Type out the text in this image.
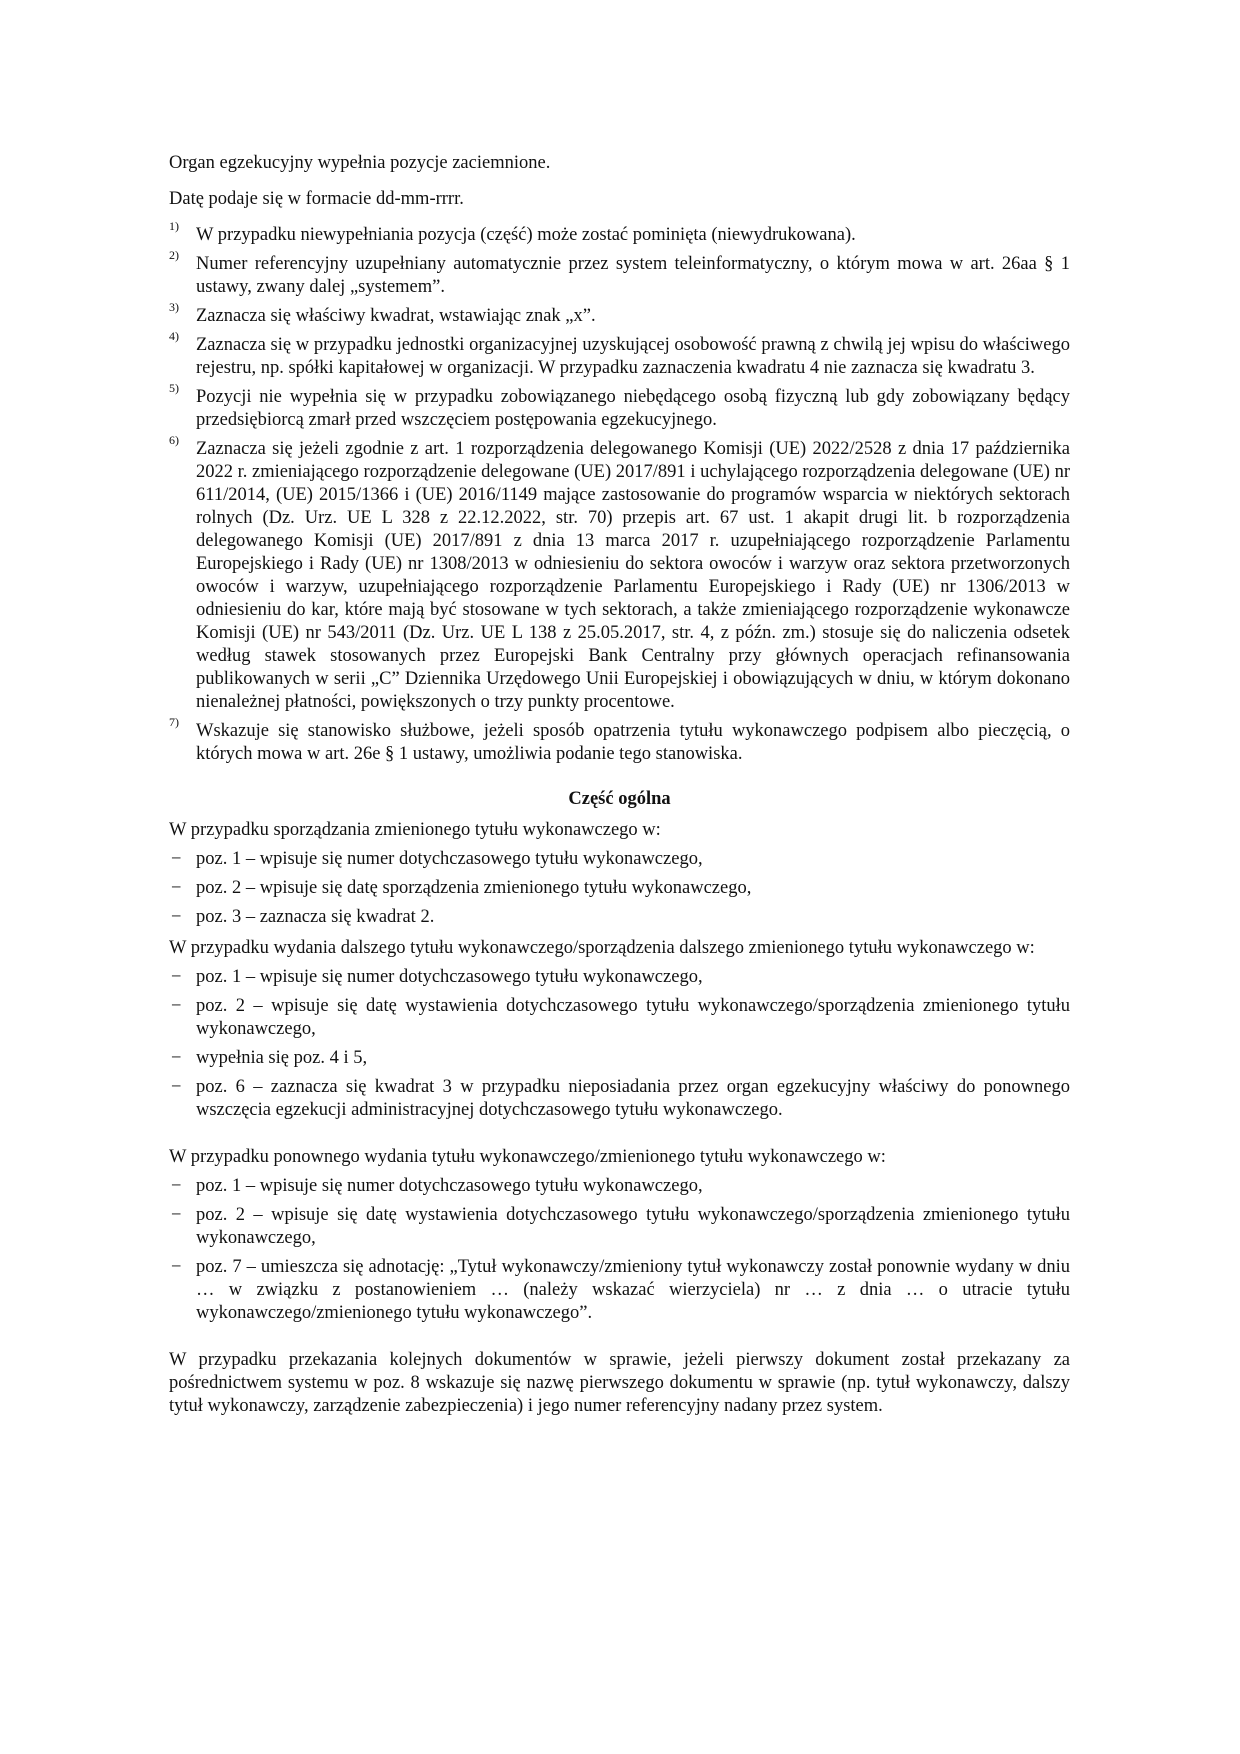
Organ egzekucyjny wypełnia pozycje zaciemnione.

Datę podaje się w formacie dd-mm-rrrr.

1) W przypadku niewypełniania pozycja (część) może zostać pominięta (niewydrukowana).
2) Numer referencyjny uzupełniany automatycznie przez system teleinformatyczny, o którym mowa w art. 26aa § 1 ustawy, zwany dalej „systemem”.
3) Zaznacza się właściwy kwadrat, wstawiając znak „x”.
4) Zaznacza się w przypadku jednostki organizacyjnej uzyskującej osobowość prawną z chwilą jej wpisu do właściwego rejestru, np. spółki kapitałowej w organizacji. W przypadku zaznaczenia kwadratu 4 nie zaznacza się kwadratu 3.
5) Pozycji nie wypełnia się w przypadku zobowiązanego niebędącego osobą fizyczną lub gdy zobowiązany będący przedsiębiorcą zmarł przed wszczęciem postępowania egzekucyjnego.
6) Zaznacza się jeżeli zgodnie z art. 1 rozporządzenia delegowanego Komisji (UE) 2022/2528 z dnia 17 października 2022 r. zmieniającego rozporządzenie delegowane (UE) 2017/891 i uchylającego rozporządzenia delegowane (UE) nr 611/2014, (UE) 2015/1366 i (UE) 2016/1149 mające zastosowanie do programów wsparcia w niektórych sektorach rolnych (Dz. Urz. UE L 328 z 22.12.2022, str. 70) przepis art. 67 ust. 1 akapit drugi lit. b rozporządzenia delegowanego Komisji (UE) 2017/891 z dnia 13 marca 2017 r. uzupełniającego rozporządzenie Parlamentu Europejskiego i Rady (UE) nr 1308/2013 w odniesieniu do sektora owoców i warzyw oraz sektora przetworzonych owoców i warzyw, uzupełniającego rozporządzenie Parlamentu Europejskiego i Rady (UE) nr 1306/2013 w odniesieniu do kar, które mają być stosowane w tych sektorach, a także zmieniającego rozporządzenie wykonawcze Komisji (UE) nr 543/2011 (Dz. Urz. UE L 138 z 25.05.2017, str. 4, z późn. zm.) stosuje się do naliczenia odsetek według stawek stosowanych przez Europejski Bank Centralny przy głównych operacjach refinansowania publikowanych w serii „C” Dziennika Urzędowego Unii Europejskiej i obowiązujących w dniu, w którym dokonano nienależnej płatności, powiększonych o trzy punkty procentowe.
7) Wskazuje się stanowisko służbowe, jeżeli sposób opatrzenia tytułu wykonawczego podpisem albo pieczęcią, o których mowa w art. 26e § 1 ustawy, umożliwia podanie tego stanowiska.

Część ogólna

W przypadku sporządzania zmienionego tytułu wykonawczego w:

− poz. 1 – wpisuje się numer dotychczasowego tytułu wykonawczego,
− poz. 2 – wpisuje się datę sporządzenia zmienionego tytułu wykonawczego,
− poz. 3 – zaznacza się kwadrat 2.

W przypadku wydania dalszego tytułu wykonawczego/sporządzenia dalszego zmienionego tytułu wykonawczego w:

− poz. 1 – wpisuje się numer dotychczasowego tytułu wykonawczego,
− poz. 2 – wpisuje się datę wystawienia dotychczasowego tytułu wykonawczego/sporządzenia zmienionego tytułu wykonawczego,
− wypełnia się poz. 4 i 5,
− poz. 6 – zaznacza się kwadrat 3 w przypadku nieposiadania przez organ egzekucyjny właściwy do ponownego wszczęcia egzekucji administracyjnej dotychczasowego tytułu wykonawczego.

W przypadku ponownego wydania tytułu wykonawczego/zmienionego tytułu wykonawczego w:

− poz. 1 – wpisuje się numer dotychczasowego tytułu wykonawczego,
− poz. 2 – wpisuje się datę wystawienia dotychczasowego tytułu wykonawczego/sporządzenia zmienionego tytułu wykonawczego,
− poz. 7 – umieszcza się adnotację: „Tytuł wykonawczy/zmieniony tytuł wykonawczy został ponownie wydany w dniu … w związku z postanowieniem … (należy wskazać wierzyciela) nr … z dnia … o utracie tytułu wykonawczego/zmienionego tytułu wykonawczego”.

W przypadku przekazania kolejnych dokumentów w sprawie, jeżeli pierwszy dokument został przekazany za pośrednictwem systemu w poz. 8 wskazuje się nazwę pierwszego dokumentu w sprawie (np. tytuł wykonawczy, dalszy tytuł wykonawczy, zarządzenie zabezpieczenia) i jego numer referencyjny nadany przez system.
